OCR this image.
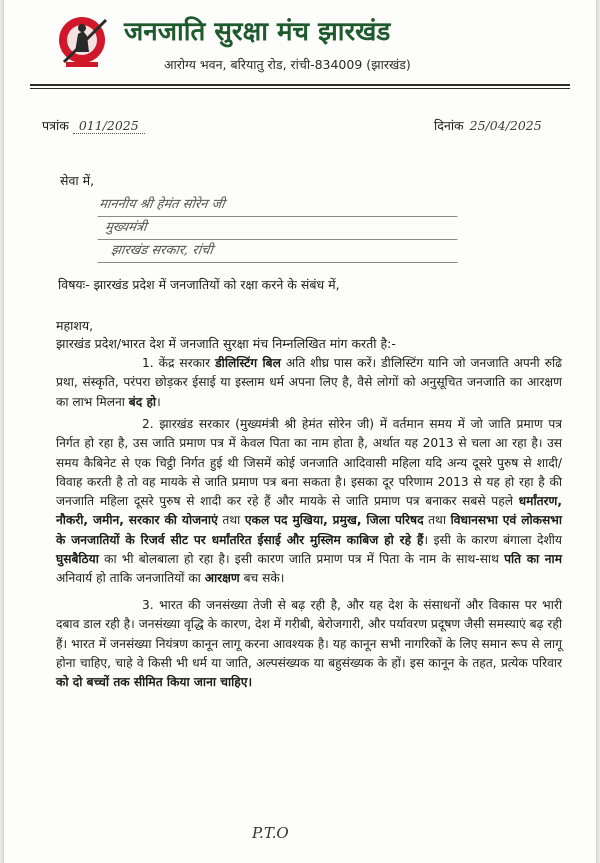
जनजाति सुरक्षा मंच झारखंड
आरोग्य भवन, बरियातु रोड, रांची-834009 (झारखंड)
पत्रांक 011/2025	दिनांक 25/04/2025
सेवा में,
माननीय श्री हेमंत सोरेन जी
मुख्यमंत्री
झारखंड सरकार, रांची
विषयः- झारखंड प्रदेश में जनजातियों को रक्षा करने के संबंध में,
महाशय,
झारखंड प्रदेश/भारत देश में जनजाति सुरक्षा मंच निम्नलिखित मांग करती है:-
1. केंद्र सरकार डीलिस्टिंग बिल अति शीघ्र पास करें। डीलिस्टिंग यानि जो जनजाति अपनी रुढि प्रथा, संस्कृति, परंपरा छोड़कर ईसाई या इस्लाम धर्म अपना लिए है, वैसे लोगों को अनुसूचित जनजाति का आरक्षण का लाभ मिलना बंद हो।
2. झारखंड सरकार (मुख्यमंत्री श्री हेमंत सोरेन जी) में वर्तमान समय में जो जाति प्रमाण पत्र निर्गत हो रहा है, उस जाति प्रमाण पत्र में केवल पिता का नाम होता है, अर्थात यह 2013 से चला आ रहा है। उस समय कैबिनेट से एक चिट्ठी निर्गत हुई थी जिसमें कोई जनजाति आदिवासी महिला यदि अन्य दूसरे पुरुष से शादी/विवाह करती है तो वह मायके से जाति प्रमाण पत्र बना सकता है। इसका दूर परिणाम 2013 से यह हो रहा है की जनजाति महिला दूसरे पुरुष से शादी कर रहे हैं और मायके से जाति प्रमाण पत्र बनाकर सबसे पहले धर्मांतरण, नौकरी, जमीन, सरकार की योजनाएं तथा एकल पद मुखिया, प्रमुख, जिला परिषद तथा विधानसभा एवं लोकसभा के जनजातियों के रिजर्व सीट पर धर्मांतरित ईसाई और मुस्लिम काबिज हो रहे हैं। इसी के कारण बंगाला देशीय घुसबैठिया का भी बोलबाला हो रहा है। इसी कारण जाति प्रमाण पत्र में पिता के नाम के साथ-साथ पति का नाम अनिवार्य हो ताकि जनजातियों का आरक्षण बच सके।
3. भारत की जनसंख्या तेजी से बढ़ रही है, और यह देश के संसाधनों और विकास पर भारी दबाव डाल रही है। जनसंख्या वृद्धि के कारण, देश में गरीबी, बेरोजगारी, और पर्यावरण प्रदूषण जैसी समस्याएं बढ़ रही हैं। भारत में जनसंख्या नियंत्रण कानून लागू करना आवश्यक है। यह कानून सभी नागरिकों के लिए समान रूप से लागू होना चाहिए, चाहे वे किसी भी धर्म या जाति, अल्पसंख्यक या बहुसंख्यक के हों। इस कानून के तहत, प्रत्येक परिवार को दो बच्चों तक सीमित किया जाना चाहिए।
P.T.O
